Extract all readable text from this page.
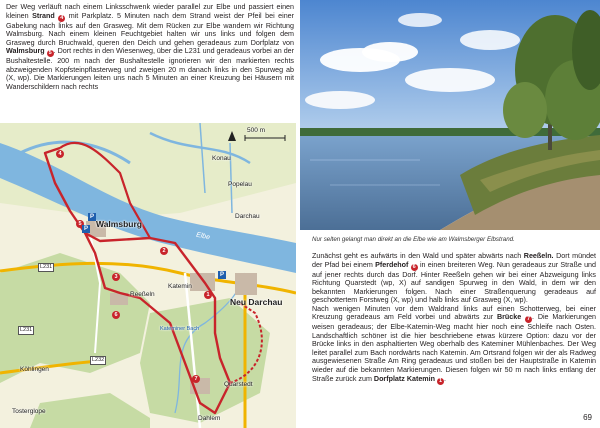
Der Weg verläuft nach einem Linksschwenk wieder parallel zur Elbe und passiert einen kleinen Strand 4 mit Parkplatz. 5 Minuten nach dem Strand weist der Pfeil bei einer Gabelung nach links auf den Grasweg. Mit dem Rücken zur Elbe wandern wir Richtung Walmsburg. Nach einem kleinen Feuchtgebiet halten wir uns links und folgen dem Grasweg durch Bruchwald, queren den Deich und gehen geradeaus zum Dorfplatz von Walmsburg 5 . Dort rechts in den Wiesenweg, über die L231 und geradeaus vorbei an der Bushaltestelle. 200 m nach der Bushaltestelle ignorieren wir den markierten rechts abzweigenden Kopfsteinpflasterweg und zweigen 20 m danach links in den Spurweg ab (X, wp). Die Markierungen leiten uns nach 5 Minuten an einer Kreuzung bei Häusern mit Wanderschildern nach rechts

500 m
Konau
Popelau
Darchau
Elbe
Walmsburg
Neu Darchau
Katemin
Reeßeln
Kateminer Bach
Köhlingen
Quarstedt
Tosterglope
Dahlem
L231
L231
L232
1
2
3
4
5
6
7
P
P
P

Nur selten gelangt man direkt an die Elbe wie am Walmsberger Elbstrand.

Zunächst geht es aufwärts in den Wald und später abwärts nach Reeßeln. Dort mündet der Pfad bei einem Pferdehof 6 in einen breiteren Weg. Nun geradeaus zur Straße und auf jener rechts durch das Dorf. Hinter Reeßeln gehen wir bei einer Abzweigung links Richtung Quarstedt (wp, X) auf sandigen Spurweg in den Wald, in dem wir den bekannten Markierungen folgen. Nach einer Straßenquerung geradeaus auf geschottertem Forstweg (X, wp) und halb links auf Grasweg (X, wp).
Nach wenigen Minuten vor dem Waldrand links auf einen Schotterweg, bei einer Kreuzung geradeaus am Feld vorbei und abwärts zur Brücke 7 . Die Markierungen weisen geradeaus; der Elbe-Katemin-Weg macht hier noch eine Schleife nach Osten. Landschaftlich schöner ist die hier beschriebene etwas kürzere Option: dazu vor der Brücke links in den asphaltierten Weg oberhalb des Kateminer Mühlenbaches. Der Weg leitet parallel zum Bach nordwärts nach Katemin. Am Ortsrand folgen wir der als Radweg ausgewiesenen Straße Am Ring geradeaus und stoßen bei der Hauptstraße in Katemin wieder auf die bekannten Markierungen. Diesen folgen wir 50 m nach links entlang der Straße zurück zum Dorfplatz Katemin 1 .

69
